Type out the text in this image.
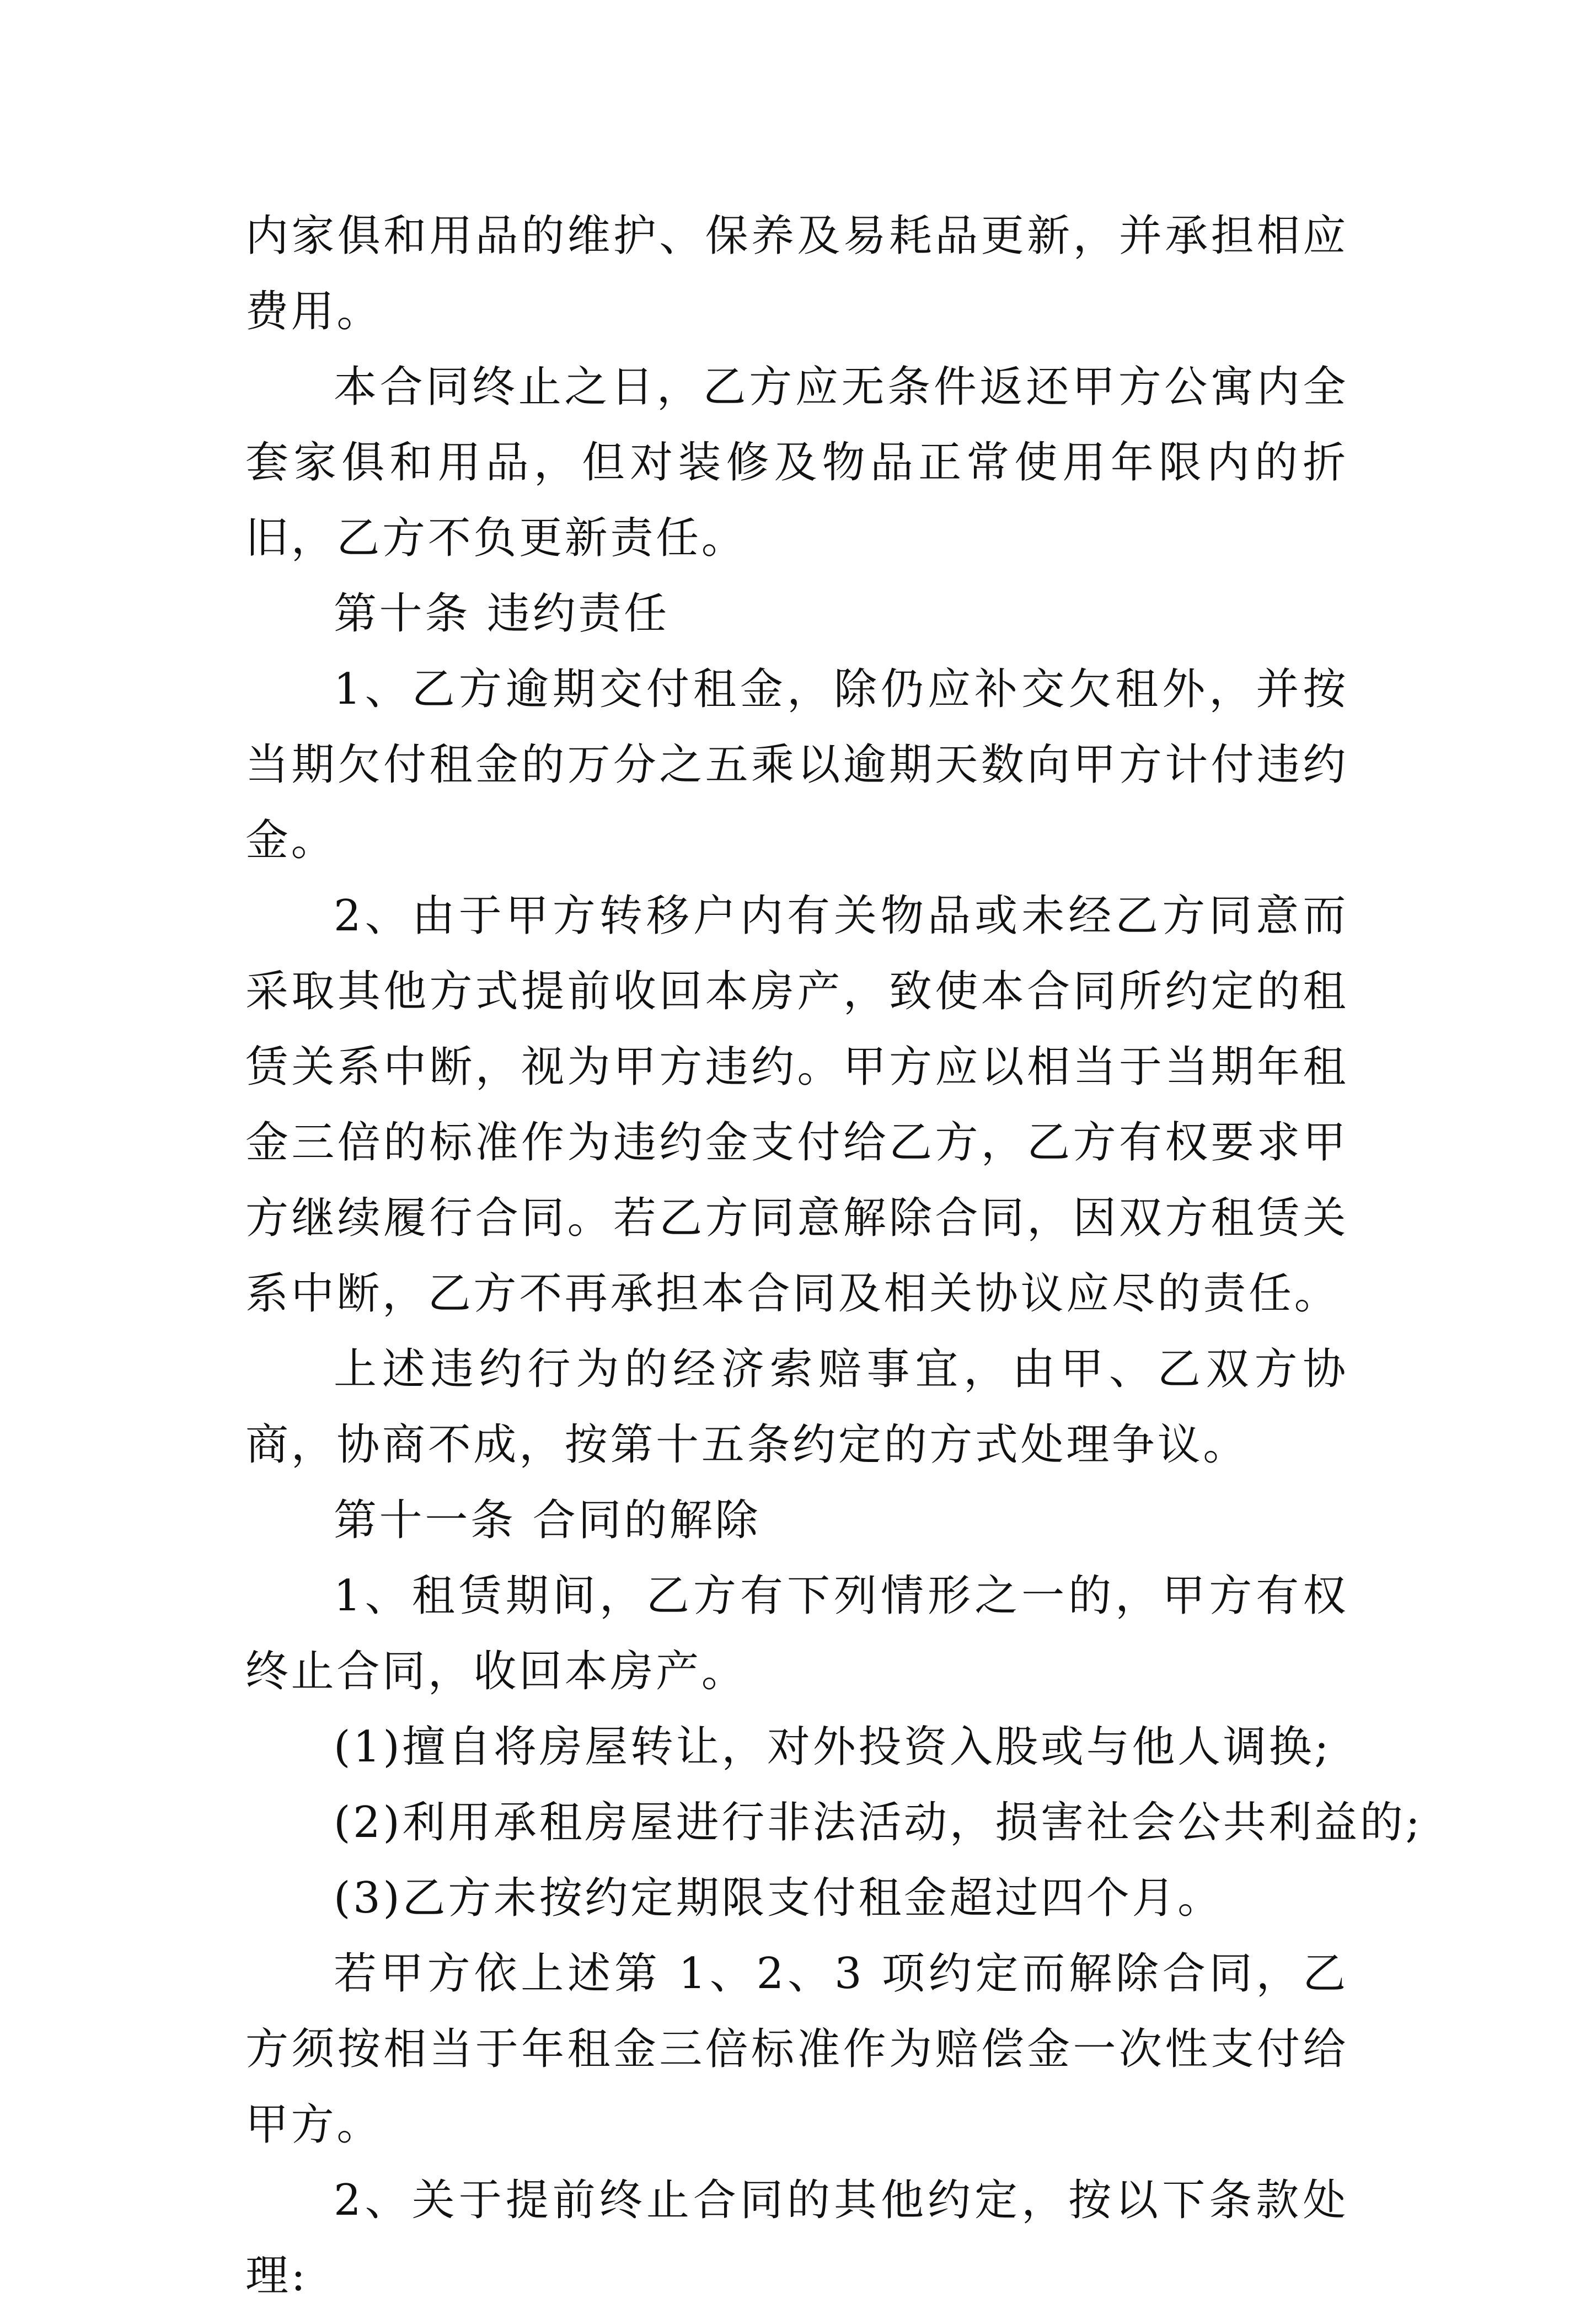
内家俱和用品的维护、保养及易耗品更新，并承担相应费用。

本合同终止之日，乙方应无条件返还甲方公寓内全套家俱和用品，但对装修及物品正常使用年限内的折旧，乙方不负更新责任。

第十条 违约责任

1、乙方逾期交付租金，除仍应补交欠租外，并按当期欠付租金的万分之五乘以逾期天数向甲方计付违约金。

2、由于甲方转移户内有关物品或未经乙方同意而采取其他方式提前收回本房产，致使本合同所约定的租赁关系中断，视为甲方违约。甲方应以相当于当期年租金三倍的标准作为违约金支付给乙方，乙方有权要求甲方继续履行合同。若乙方同意解除合同，因双方租赁关系中断，乙方不再承担本合同及相关协议应尽的责任。

上述违约行为的经济索赔事宜，由甲、乙双方协商，协商不成，按第十五条约定的方式处理争议。

第十一条 合同的解除

1、租赁期间，乙方有下列情形之一的，甲方有权终止合同，收回本房产。

(1)擅自将房屋转让，对外投资入股或与他人调换;

(2)利用承租房屋进行非法活动，损害社会公共利益的;

(3)乙方未按约定期限支付租金超过四个月。

若甲方依上述第 1、2、3 项约定而解除合同，乙方须按相当于年租金三倍标准作为赔偿金一次性支付给甲方。

2、关于提前终止合同的其他约定，按以下条款处理:
